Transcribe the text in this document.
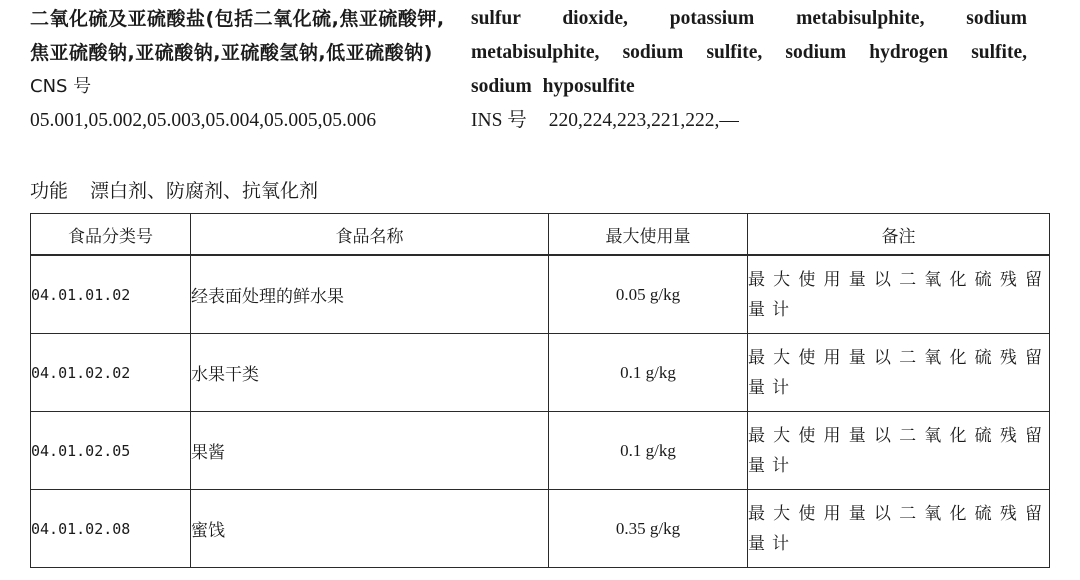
二氧化硫及亚硫酸盐(包括二氧化硫,焦亚硫酸钾,焦亚硫酸钠,亚硫酸钠,亚硫酸氢钠,低亚硫酸钠)

CNS 号05.001,05.002,05.003,05.004,05.005,05.006

sulfur dioxide, potassium metabisulphite, sodium metabisulphite, sodium sulfite, sodium hydrogen sulfite, sodium hyposulfite

INS 号 220,224,223,221,222,—

功能 漂白剂、防腐剂、抗氧化剂
食品分类号	食品名称	最大使用量	备注
04.01.01.02	经表面处理的鲜水果	0.05 g/kg	最大使用量以二氧化硫残留量计
04.01.02.02	水果干类	0.1 g/kg	最大使用量以二氧化硫残留量计
04.01.02.05	果酱	0.1 g/kg	最大使用量以二氧化硫残留量计
04.01.02.08	蜜饯	0.35 g/kg	最大使用量以二氧化硫残留量计
